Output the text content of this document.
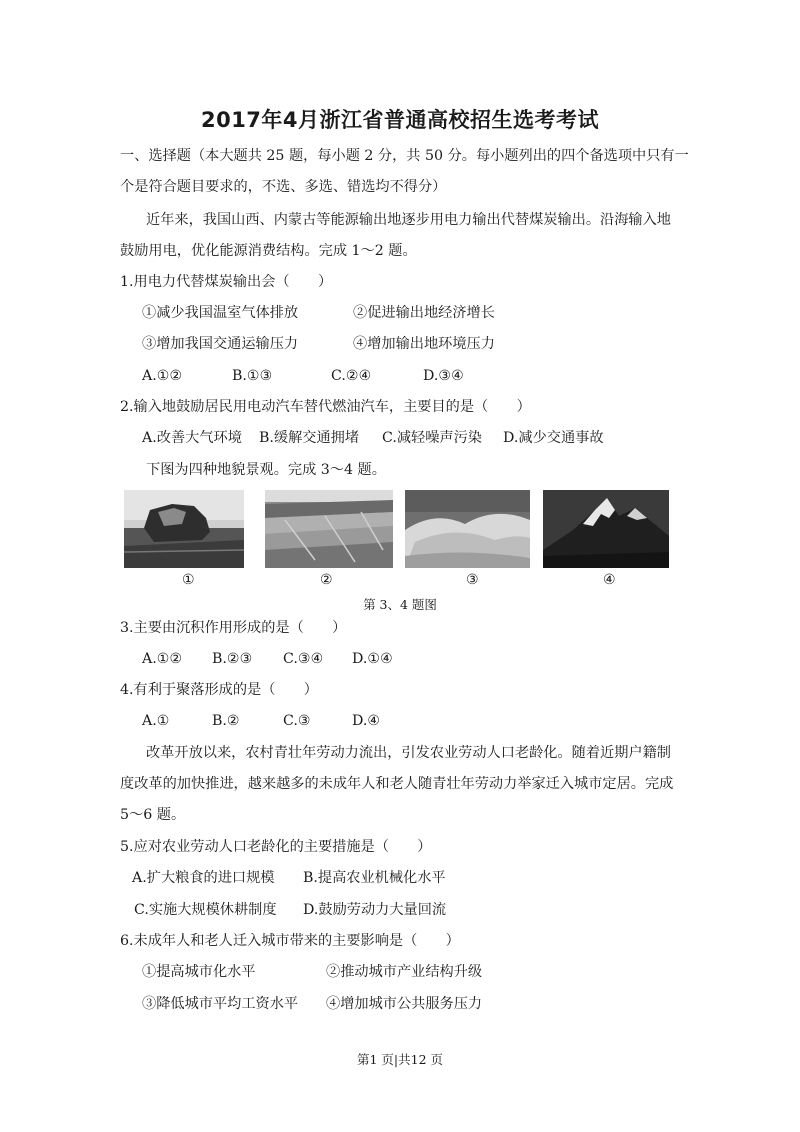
2017年4月浙江省普通高校招生选考考试
一、选择题（本大题共 25 题，每小题 2 分，共 50 分。每小题列出的四个备选项中只有一
个是符合题目要求的，不选、多选、错选均不得分）
近年来，我国山西、内蒙古等能源输出地逐步用电力输出代替煤炭输出。沿海输入地
鼓励用电，优化能源消费结构。完成 1～2 题。
1.用电力代替煤炭输出会（　　）
①减少我国温室气体排放	②促进输出地经济增长
③增加我国交通运输压力	④增加输出地环境压力
A.①②	B.①③	C.②④	D.③④
2.输入地鼓励居民用电动汽车替代燃油汽车，主要目的是（　　）
A.改善大气环境 B.缓解交通拥堵 C.减轻噪声污染 D.减少交通事故
下图为四种地貌景观。完成 3～4 题。
①	②	③	④
第 3、4 题图
3.主要由沉积作用形成的是（　　）
A.①② B.②③ C.③④ D.①④
4.有利于聚落形成的是（　　）
A.①	B.②	C.③	D.④
改革开放以来，农村青壮年劳动力流出，引发农业劳动人口老龄化。随着近期户籍制
度改革的加快推进，越来越多的未成年人和老人随青壮年劳动力举家迁入城市定居。完成
5～6 题。
5.应对农业劳动人口老龄化的主要措施是（　　）
A.扩大粮食的进口规模 B.提高农业机械化水平
C.实施大规模休耕制度 D.鼓励劳动力大量回流
6.未成年人和老人迁入城市带来的主要影响是（　　）
①提高城市化水平	②推动城市产业结构升级
③降低城市平均工资水平 ④增加城市公共服务压力
第1 页|共12 页
